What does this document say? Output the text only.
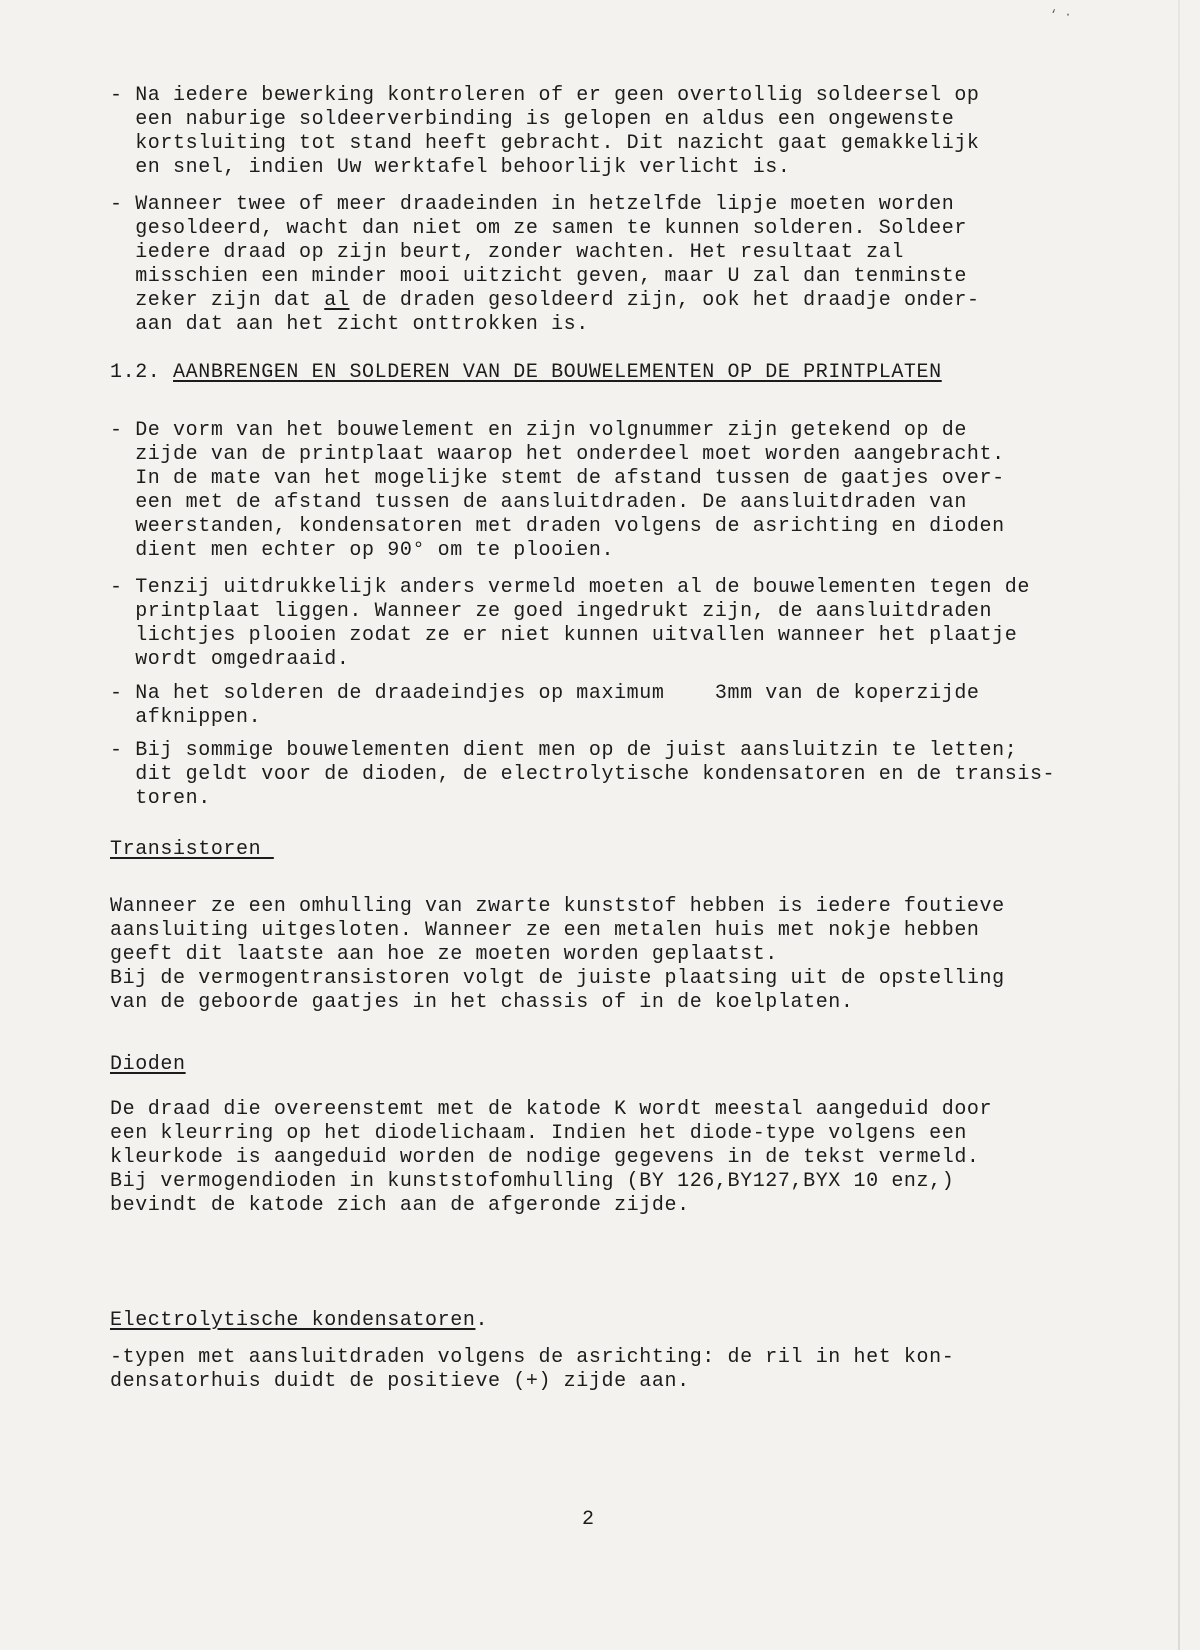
‘ ·
- Na iedere bewerking kontroleren of er geen overtollig soldeersel op
een naburige soldeerverbinding is gelopen en aldus een ongewenste
kortsluiting tot stand heeft gebracht. Dit nazicht gaat gemakkelijk
en snel, indien Uw werktafel behoorlijk verlicht is.
- Wanneer twee of meer draadeinden in hetzelfde lipje moeten worden
gesoldeerd, wacht dan niet om ze samen te kunnen solderen. Soldeer
iedere draad op zijn beurt, zonder wachten. Het resultaat zal
misschien een minder mooi uitzicht geven, maar U zal dan tenminste
zeker zijn dat al de draden gesoldeerd zijn, ook het draadje onder-
aan dat aan het zicht onttrokken is.
1.2. AANBRENGEN EN SOLDEREN VAN DE BOUWELEMENTEN OP DE PRINTPLATEN
- De vorm van het bouwelement en zijn volgnummer zijn getekend op de
zijde van de printplaat waarop het onderdeel moet worden aangebracht.
In de mate van het mogelijke stemt de afstand tussen de gaatjes over-
een met de afstand tussen de aansluitdraden. De aansluitdraden van
weerstanden, kondensatoren met draden volgens de asrichting en dioden
dient men echter op 90° om te plooien.
- Tenzij uitdrukkelijk anders vermeld moeten al de bouwelementen tegen de
printplaat liggen. Wanneer ze goed ingedrukt zijn, de aansluitdraden
lichtjes plooien zodat ze er niet kunnen uitvallen wanneer het plaatje
wordt omgedraaid.
- Na het solderen de draadeindjes op maximum    3mm van de koperzijde
afknippen.
- Bij sommige bouwelementen dient men op de juist aansluitzin te letten;
dit geldt voor de dioden, de electrolytische kondensatoren en de transis-
toren.
Transistoren
Wanneer ze een omhulling van zwarte kunststof hebben is iedere foutieve
aansluiting uitgesloten. Wanneer ze een metalen huis met nokje hebben
geeft dit laatste aan hoe ze moeten worden geplaatst.
Bij de vermogentransistoren volgt de juiste plaatsing uit de opstelling
van de geboorde gaatjes in het chassis of in de koelplaten.
Dioden
De draad die overeenstemt met de katode K wordt meestal aangeduid door
een kleurring op het diodelichaam. Indien het diode-type volgens een
kleurkode is aangeduid worden de nodige gegevens in de tekst vermeld.
Bij vermogendioden in kunststofomhulling (BY 126,BY127,BYX 10 enz,)
bevindt de katode zich aan de afgeronde zijde.
Electrolytische kondensatoren.
-typen met aansluitdraden volgens de asrichting: de ril in het kon-
densatorhuis duidt de positieve (+) zijde aan.
2
